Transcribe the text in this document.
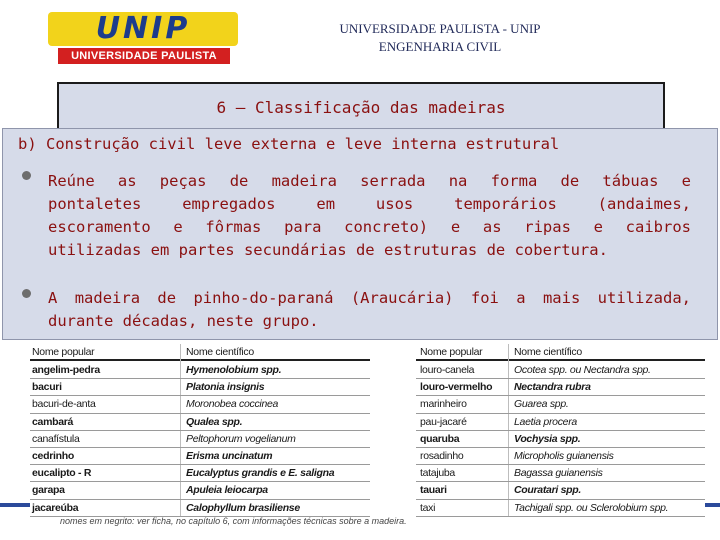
UNIP
UNIVERSIDADE PAULISTA
UNIVERSIDADE PAULISTA - UNIP
ENGENHARIA CIVIL
6 – Classificação das madeiras
b) Construção civil leve externa e leve interna estrutural
Reúne as peças de madeira serrada na forma de tábuas e
pontaletes empregados em usos temporários (andaimes,
escoramento e fôrmas para concreto) e as ripas e caibros
utilizadas em partes secundárias de estruturas de cobertura.
A madeira de pinho-do-paraná (Araucária) foi a mais utilizada,
durante décadas, neste grupo.
Nome popular	Nome científico
angelim-pedra	Hymenolobium spp.
bacuri	Platonia insignis
bacuri-de-anta	Moronobea coccinea
cambará	Qualea spp.
canafístula	Peltophorum vogelianum
cedrinho	Erisma uncinatum
eucalipto - R	Eucalyptus grandis e E. saligna
garapa	Apuleia leiocarpa
jacareúba	Calophyllum brasiliense
Nome popular	Nome científico
louro-canela	Ocotea spp. ou Nectandra spp.
louro-vermelho Nectandra rubra
marinheiro	Guarea spp.
pau-jacaré	Laetia procera
quaruba	Vochysia spp.
rosadinho	Micropholis guianensis
tatajuba	Bagassa guianensis
tauari	Couratari spp.
taxi	Tachigali spp. ou Sclerolobium spp.
nomes em negrito: ver ficha, no capítulo 6, com informações técnicas sobre a madeira.
